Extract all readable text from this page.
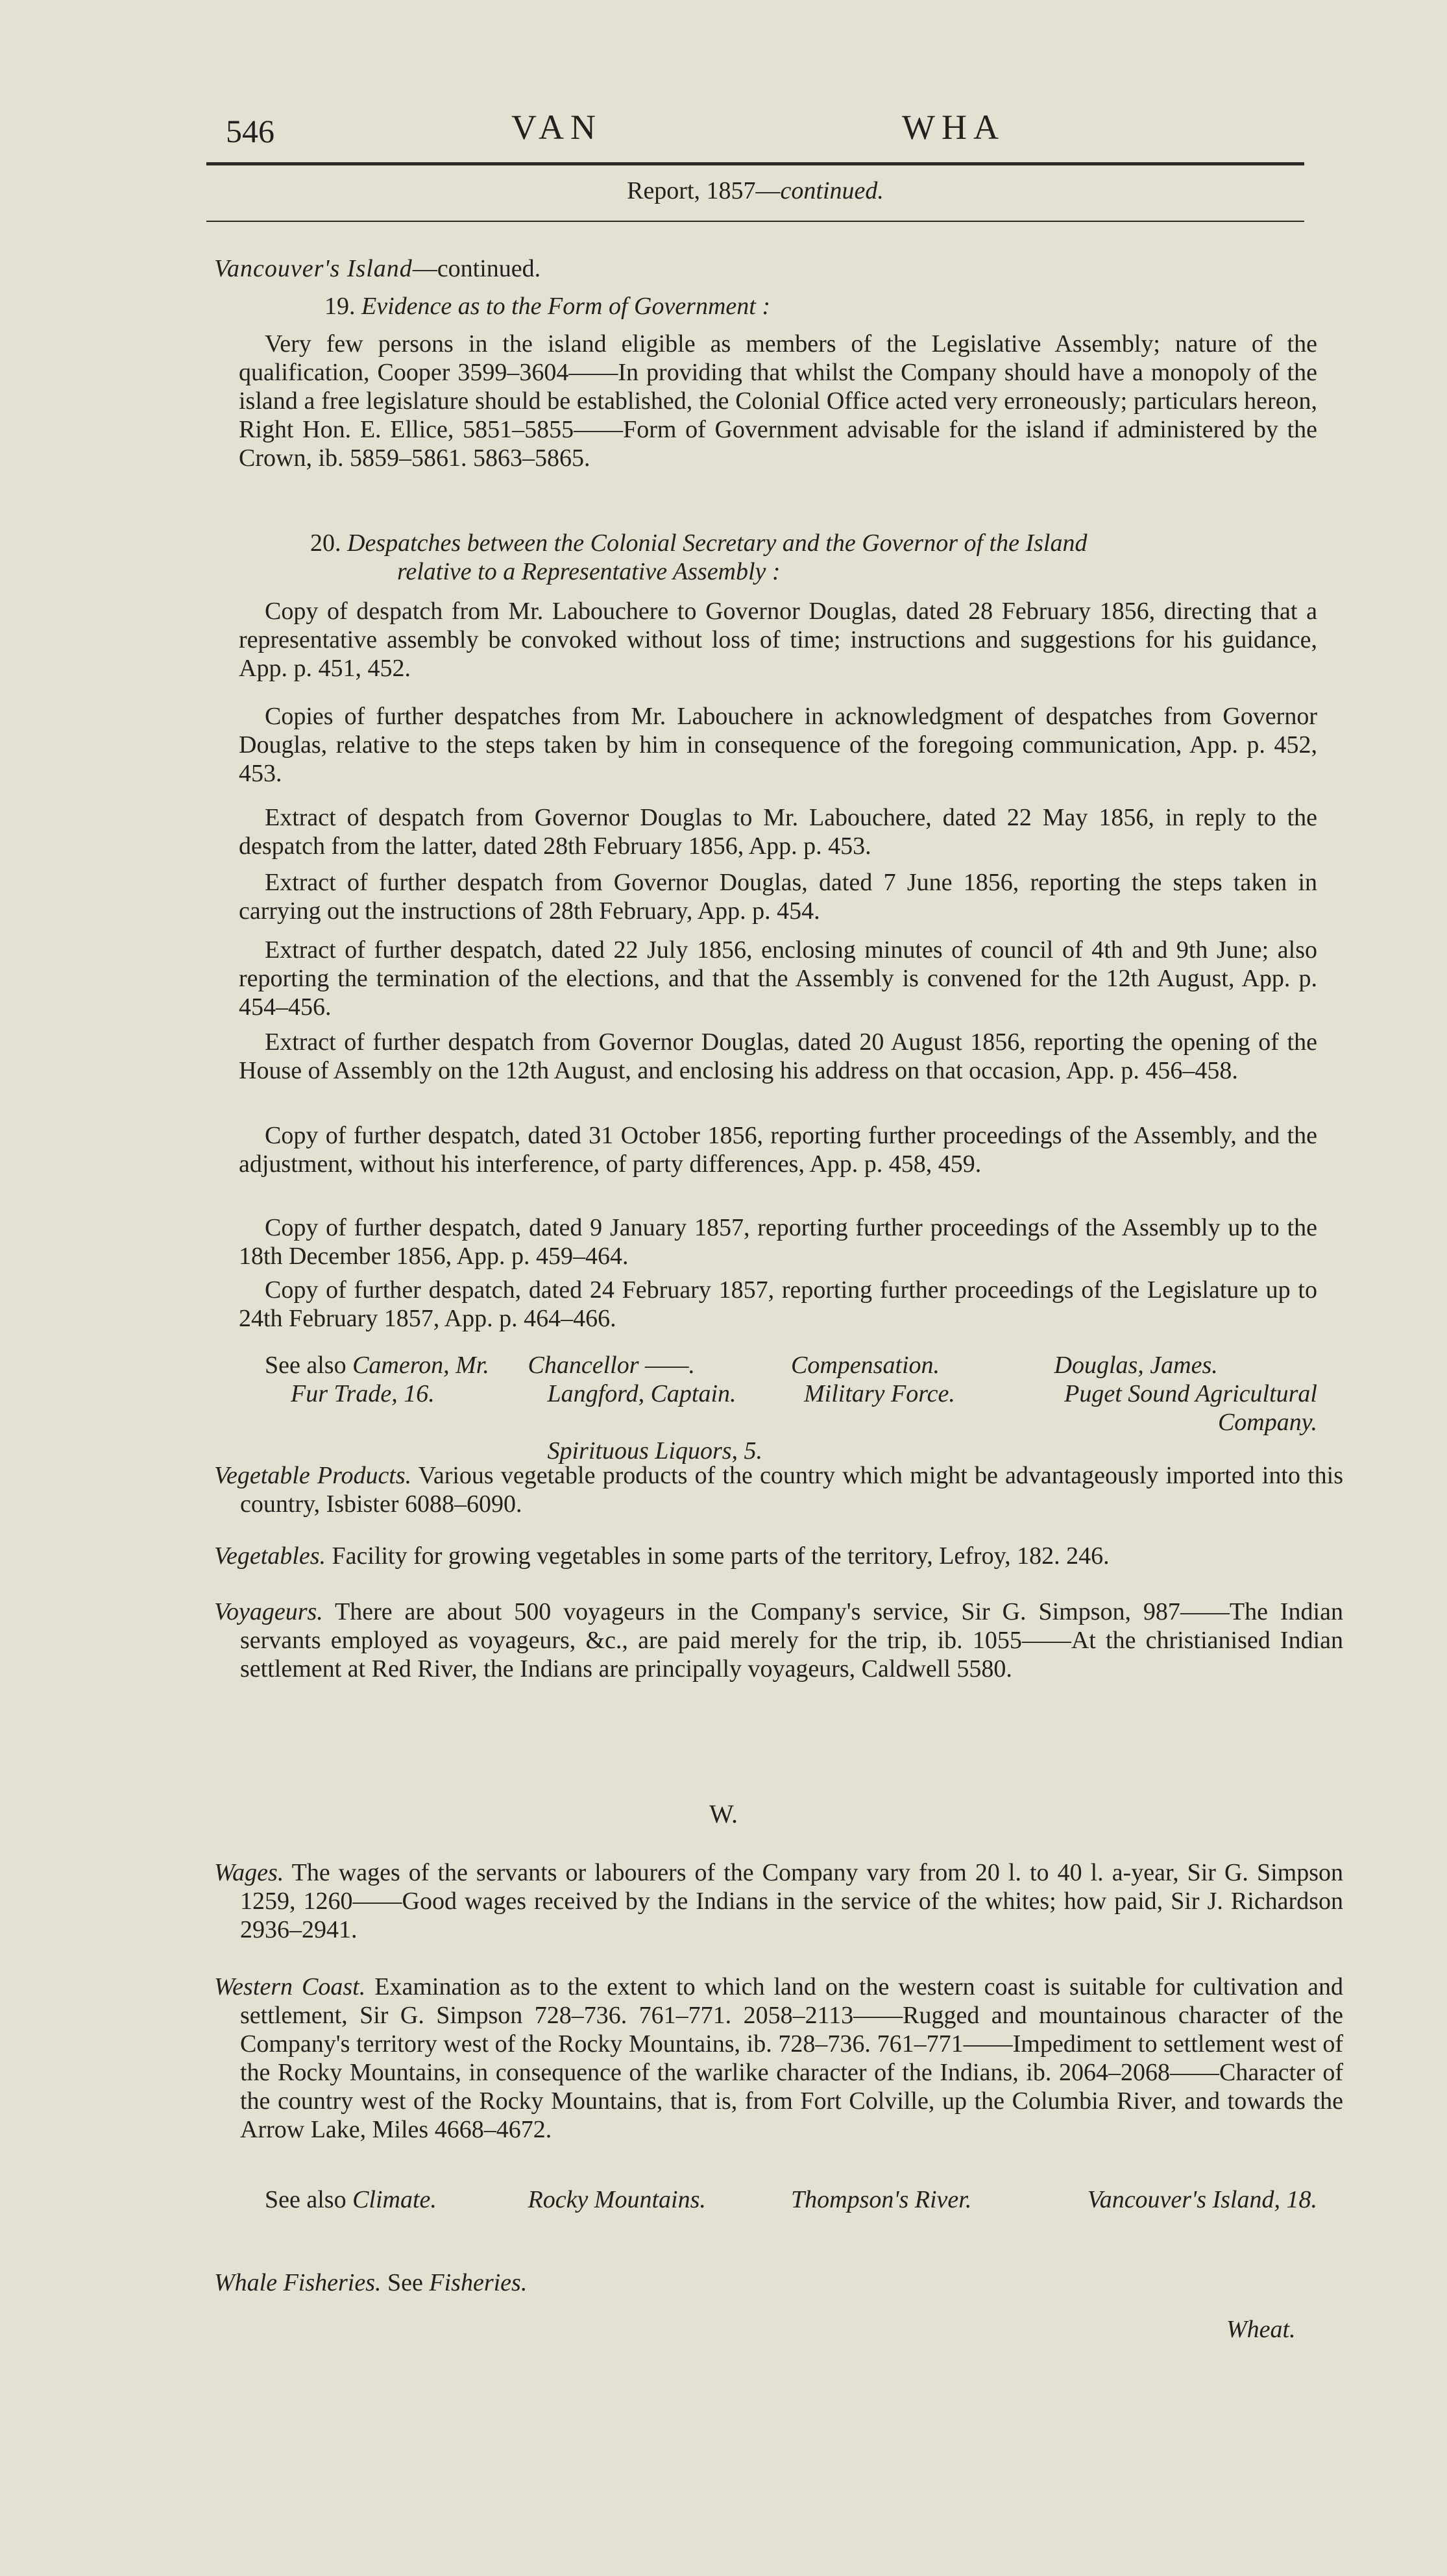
546	VAN	WHA
Report, 1857—continued.
Vancouver's Island—continued.
19. Evidence as to the Form of Government :
Very few persons in the island eligible as members of the Legislative Assembly; nature of the qualification, Cooper 3599–3604——In providing that whilst the Company should have a monopoly of the island a free legislature should be established, the Colonial Office acted very erroneously; particulars hereon, Right Hon. E. Ellice, 5851–5855——Form of Government advisable for the island if administered by the Crown, ib. 5859–5861. 5863–5865.
20. Despatches between the Colonial Secretary and the Governor of the Island
relative to a Representative Assembly :
Copy of despatch from Mr. Labouchere to Governor Douglas, dated 28 February 1856, directing that a representative assembly be convoked without loss of time; instructions and suggestions for his guidance, App. p. 451, 452.
Copies of further despatches from Mr. Labouchere in acknowledgment of despatches from Governor Douglas, relative to the steps taken by him in consequence of the foregoing communication, App. p. 452, 453.
Extract of despatch from Governor Douglas to Mr. Labouchere, dated 22 May 1856, in reply to the despatch from the latter, dated 28th February 1856, App. p. 453.
Extract of further despatch from Governor Douglas, dated 7 June 1856, reporting the steps taken in carrying out the instructions of 28th February, App. p. 454.
Extract of further despatch, dated 22 July 1856, enclosing minutes of council of 4th and 9th June; also reporting the termination of the elections, and that the Assembly is convened for the 12th August, App. p. 454–456.
Extract of further despatch from Governor Douglas, dated 20 August 1856, reporting the opening of the House of Assembly on the 12th August, and enclosing his address on that occasion, App. p. 456–458.
Copy of further despatch, dated 31 October 1856, reporting further proceedings of the Assembly, and the adjustment, without his interference, of party differences, App. p. 458, 459.
Copy of further despatch, dated 9 January 1857, reporting further proceedings of the Assembly up to the 18th December 1856, App. p. 459–464.
Copy of further despatch, dated 24 February 1857, reporting further proceedings of the Legislature up to 24th February 1857, App. p. 464–466.
See also Cameron, Mr.	Chancellor ——.	Compensation.	Douglas, James.
Fur Trade, 16.	Langford, Captain.	Military Force.	Puget Sound Agricultural Company.
Spirituous Liquors, 5.
Vegetable Products. Various vegetable products of the country which might be advantageously imported into this country, Isbister 6088–6090.
Vegetables. Facility for growing vegetables in some parts of the territory, Lefroy, 182. 246.
Voyageurs. There are about 500 voyageurs in the Company's service, Sir G. Simpson, 987——The Indian servants employed as voyageurs, &c., are paid merely for the trip, ib. 1055——At the christianised Indian settlement at Red River, the Indians are principally voyageurs, Caldwell 5580.
W.
Wages. The wages of the servants or labourers of the Company vary from 20 l. to 40 l. a-year, Sir G. Simpson 1259, 1260——Good wages received by the Indians in the service of the whites; how paid, Sir J. Richardson 2936–2941.
Western Coast. Examination as to the extent to which land on the western coast is suitable for cultivation and settlement, Sir G. Simpson 728–736. 761–771. 2058–2113——Rugged and mountainous character of the Company's territory west of the Rocky Mountains, ib. 728–736. 761–771——Impediment to settlement west of the Rocky Mountains, in consequence of the warlike character of the Indians, ib. 2064–2068——Character of the country west of the Rocky Mountains, that is, from Fort Colville, up the Columbia River, and towards the Arrow Lake, Miles 4668–4672.
See also Climate.	Rocky Mountains.	Thompson's River.	Vancouver's Island, 18.
Whale Fisheries. See Fisheries.
Wheat.
